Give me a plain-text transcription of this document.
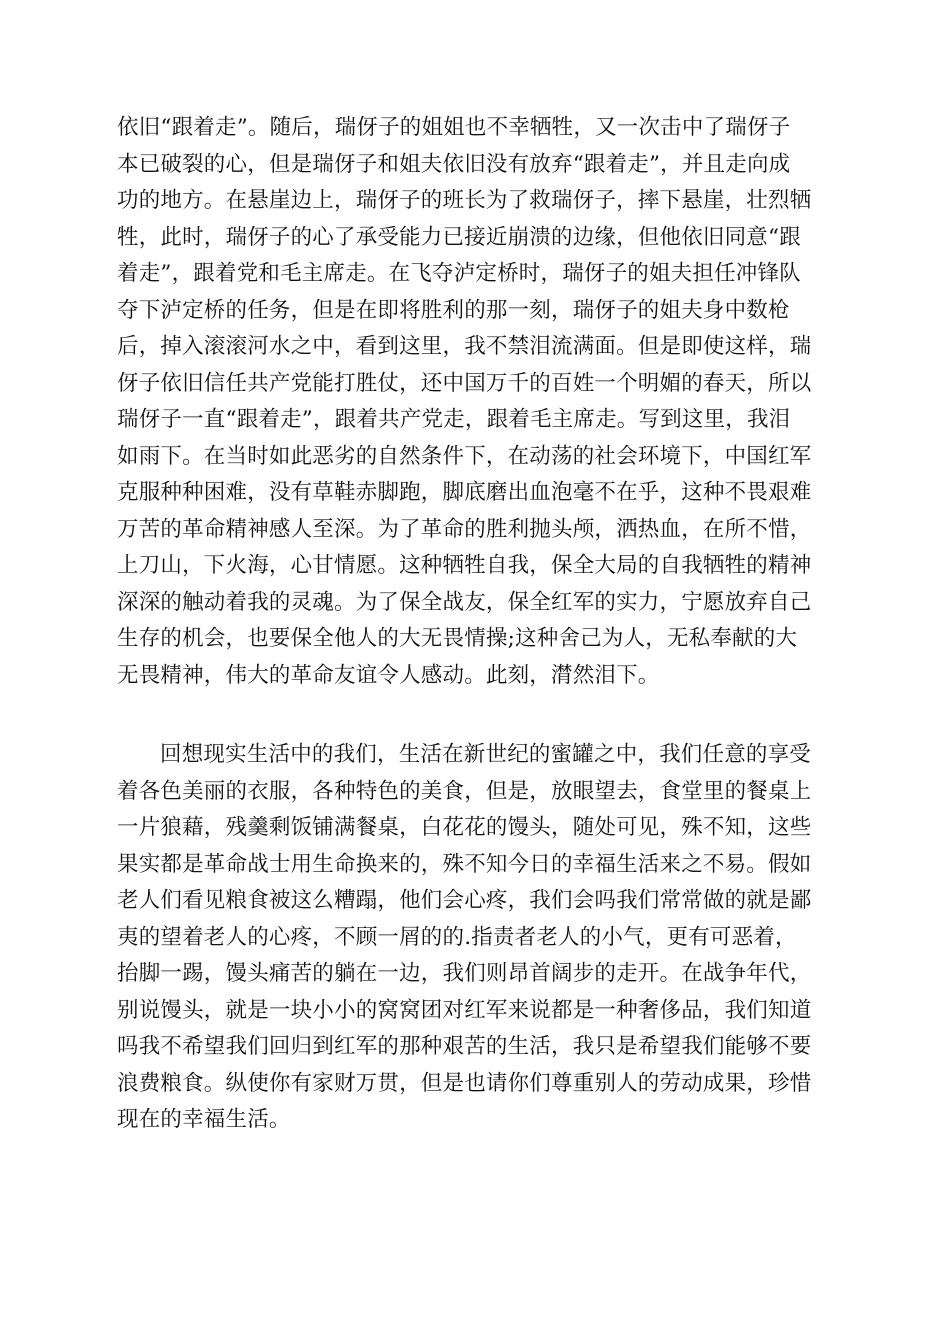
依旧“跟着走”。随后，瑞伢子的姐姐也不幸牺牲，又一次击中了瑞伢子
本已破裂的心，但是瑞伢子和姐夫依旧没有放弃“跟着走”，并且走向成
功的地方。在悬崖边上，瑞伢子的班长为了救瑞伢子，摔下悬崖，壮烈牺
牲，此时，瑞伢子的心了承受能力已接近崩溃的边缘，但他依旧同意“跟
着走”，跟着党和毛主席走。在飞夺泸定桥时，瑞伢子的姐夫担任冲锋队
夺下泸定桥的任务，但是在即将胜利的那一刻，瑞伢子的姐夫身中数枪
后，掉入滚滚河水之中，看到这里，我不禁泪流满面。但是即使这样，瑞
伢子依旧信任共产党能打胜仗，还中国万千的百姓一个明媚的春天，所以
瑞伢子一直“跟着走”，跟着共产党走，跟着毛主席走。写到这里，我泪
如雨下。在当时如此恶劣的自然条件下，在动荡的社会环境下，中国红军
克服种种困难，没有草鞋赤脚跑，脚底磨出血泡毫不在乎，这种不畏艰难
万苦的革命精神感人至深。为了革命的胜利抛头颅，洒热血，在所不惜，
上刀山，下火海，心甘情愿。这种牺牲自我，保全大局的自我牺牲的精神
深深的触动着我的灵魂。为了保全战友，保全红军的实力，宁愿放弃自己
生存的机会，也要保全他人的大无畏情操;这种舍己为人，无私奉献的大
无畏精神，伟大的革命友谊令人感动。此刻，潸然泪下。
回想现实生活中的我们，生活在新世纪的蜜罐之中，我们任意的享受
着各色美丽的衣服，各种特色的美食，但是，放眼望去，食堂里的餐桌上
一片狼藉，残羹剩饭铺满餐桌，白花花的馒头，随处可见，殊不知，这些
果实都是革命战士用生命换来的，殊不知今日的幸福生活来之不易。假如
老人们看见粮食被这么糟蹋，他们会心疼，我们会吗我们常常做的就是鄙
夷的望着老人的心疼，不顾一屑的的.指责者老人的小气，更有可恶着，
抬脚一踢，馒头痛苦的躺在一边，我们则昂首阔步的走开。在战争年代，
别说馒头，就是一块小小的窝窝团对红军来说都是一种奢侈品，我们知道
吗我不希望我们回归到红军的那种艰苦的生活，我只是希望我们能够不要
浪费粮食。纵使你有家财万贯，但是也请你们尊重别人的劳动成果，珍惜
现在的幸福生活。
